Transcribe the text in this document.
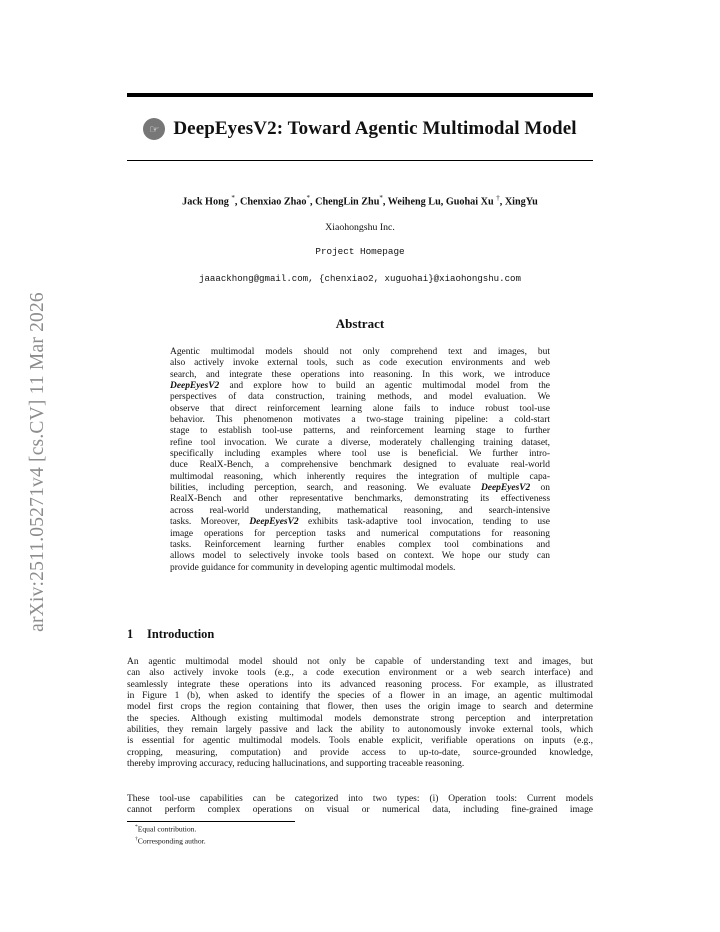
arXiv:2511.05271v4 [cs.CV] 11 Mar 2026
☞ DeepEyesV2: Toward Agentic Multimodal Model
Jack Hong *, Chenxiao Zhao*, ChengLin Zhu*, Weiheng Lu, Guohai Xu †, XingYu
Xiaohongshu Inc.
Project Homepage
jaaackhong@gmail.com, {chenxiao2, xuguohai}@xiaohongshu.com
Abstract
Agentic multimodal models should not only comprehend text and images, but
also actively invoke external tools, such as code execution environments and web
search, and integrate these operations into reasoning. In this work, we introduce
DeepEyesV2 and explore how to build an agentic multimodal model from the
perspectives of data construction, training methods, and model evaluation. We
observe that direct reinforcement learning alone fails to induce robust tool-use
behavior. This phenomenon motivates a two-stage training pipeline: a cold-start
stage to establish tool-use patterns, and reinforcement learning stage to further
refine tool invocation. We curate a diverse, moderately challenging training dataset,
specifically including examples where tool use is beneficial. We further intro-
duce RealX-Bench, a comprehensive benchmark designed to evaluate real-world
multimodal reasoning, which inherently requires the integration of multiple capa-
bilities, including perception, search, and reasoning. We evaluate DeepEyesV2 on
RealX-Bench and other representative benchmarks, demonstrating its effectiveness
across real-world understanding, mathematical reasoning, and search-intensive
tasks. Moreover, DeepEyesV2 exhibits task-adaptive tool invocation, tending to use
image operations for perception tasks and numerical computations for reasoning
tasks. Reinforcement learning further enables complex tool combinations and
allows model to selectively invoke tools based on context. We hope our study can
provide guidance for community in developing agentic multimodal models.
1 Introduction
An agentic multimodal model should not only be capable of understanding text and images, but
can also actively invoke tools (e.g., a code execution environment or a web search interface) and
seamlessly integrate these operations into its advanced reasoning process. For example, as illustrated
in Figure 1 (b), when asked to identify the species of a flower in an image, an agentic multimodal
model first crops the region containing that flower, then uses the origin image to search and determine
the species. Although existing multimodal models demonstrate strong perception and interpretation
abilities, they remain largely passive and lack the ability to autonomously invoke external tools, which
is essential for agentic multimodal models. Tools enable explicit, verifiable operations on inputs (e.g.,
cropping, measuring, computation) and provide access to up-to-date, source-grounded knowledge,
thereby improving accuracy, reducing hallucinations, and supporting traceable reasoning.
These tool-use capabilities can be categorized into two types: (i) Operation tools: Current models
cannot perform complex operations on visual or numerical data, including fine-grained image
*Equal contribution.
†Corresponding author.
